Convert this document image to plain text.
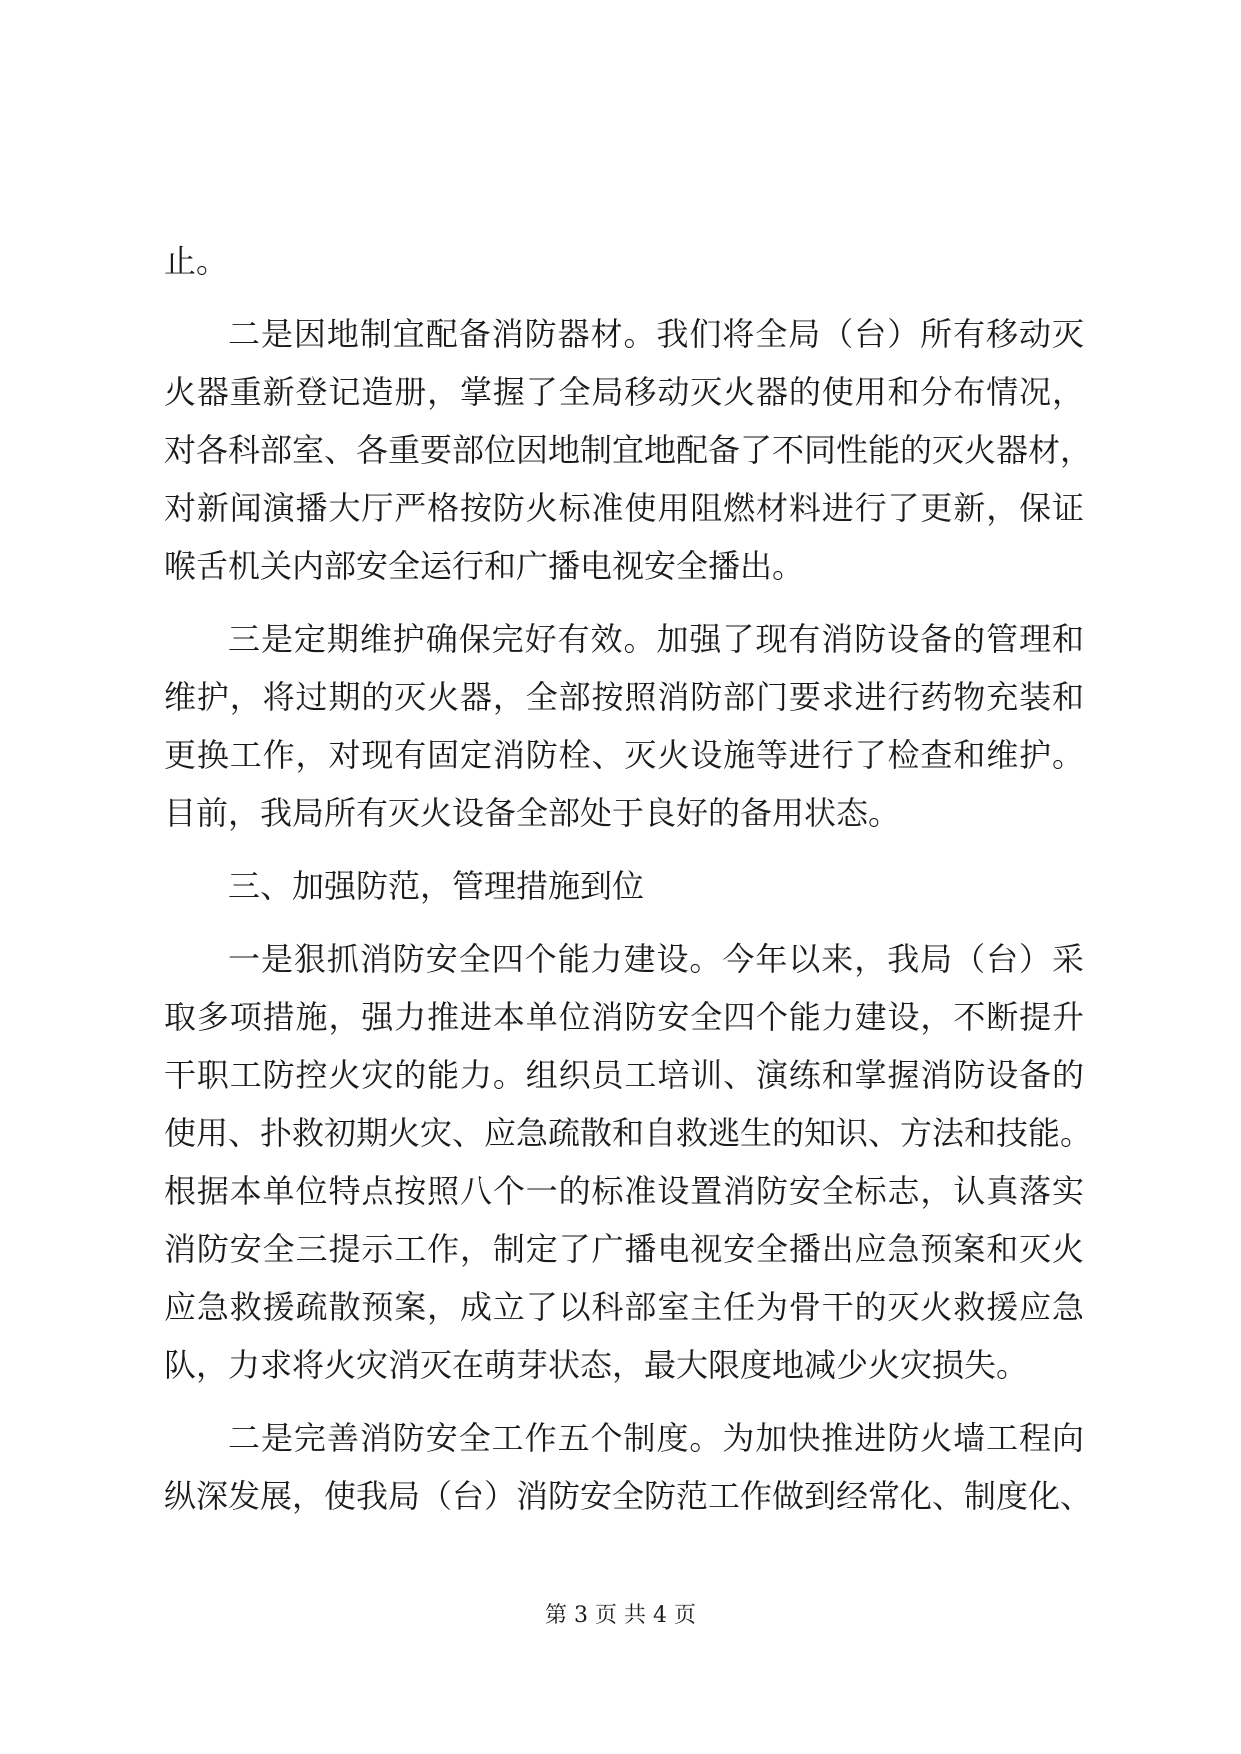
止。
二是因地制宜配备消防器材。我们将全局（台）所有移动灭
火器重新登记造册，掌握了全局移动灭火器的使用和分布情况，
对各科部室、各重要部位因地制宜地配备了不同性能的灭火器材，
对新闻演播大厅严格按防火标准使用阻燃材料进行了更新，保证
喉舌机关内部安全运行和广播电视安全播出。
三是定期维护确保完好有效。加强了现有消防设备的管理和
维护，将过期的灭火器，全部按照消防部门要求进行药物充装和
更换工作，对现有固定消防栓、灭火设施等进行了检查和维护。
目前，我局所有灭火设备全部处于良好的备用状态。
三、加强防范，管理措施到位
一是狠抓消防安全四个能力建设。今年以来，我局（台）采
取多项措施，强力推进本单位消防安全四个能力建设，不断提升
干职工防控火灾的能力。组织员工培训、演练和掌握消防设备的
使用、扑救初期火灾、应急疏散和自救逃生的知识、方法和技能。
根据本单位特点按照八个一的标准设置消防安全标志，认真落实
消防安全三提示工作，制定了广播电视安全播出应急预案和灭火
应急救援疏散预案，成立了以科部室主任为骨干的灭火救援应急
队，力求将火灾消灭在萌芽状态，最大限度地减少火灾损失。
二是完善消防安全工作五个制度。为加快推进防火墙工程向
纵深发展，使我局（台）消防安全防范工作做到经常化、制度化、
第 3 页 共 4 页
